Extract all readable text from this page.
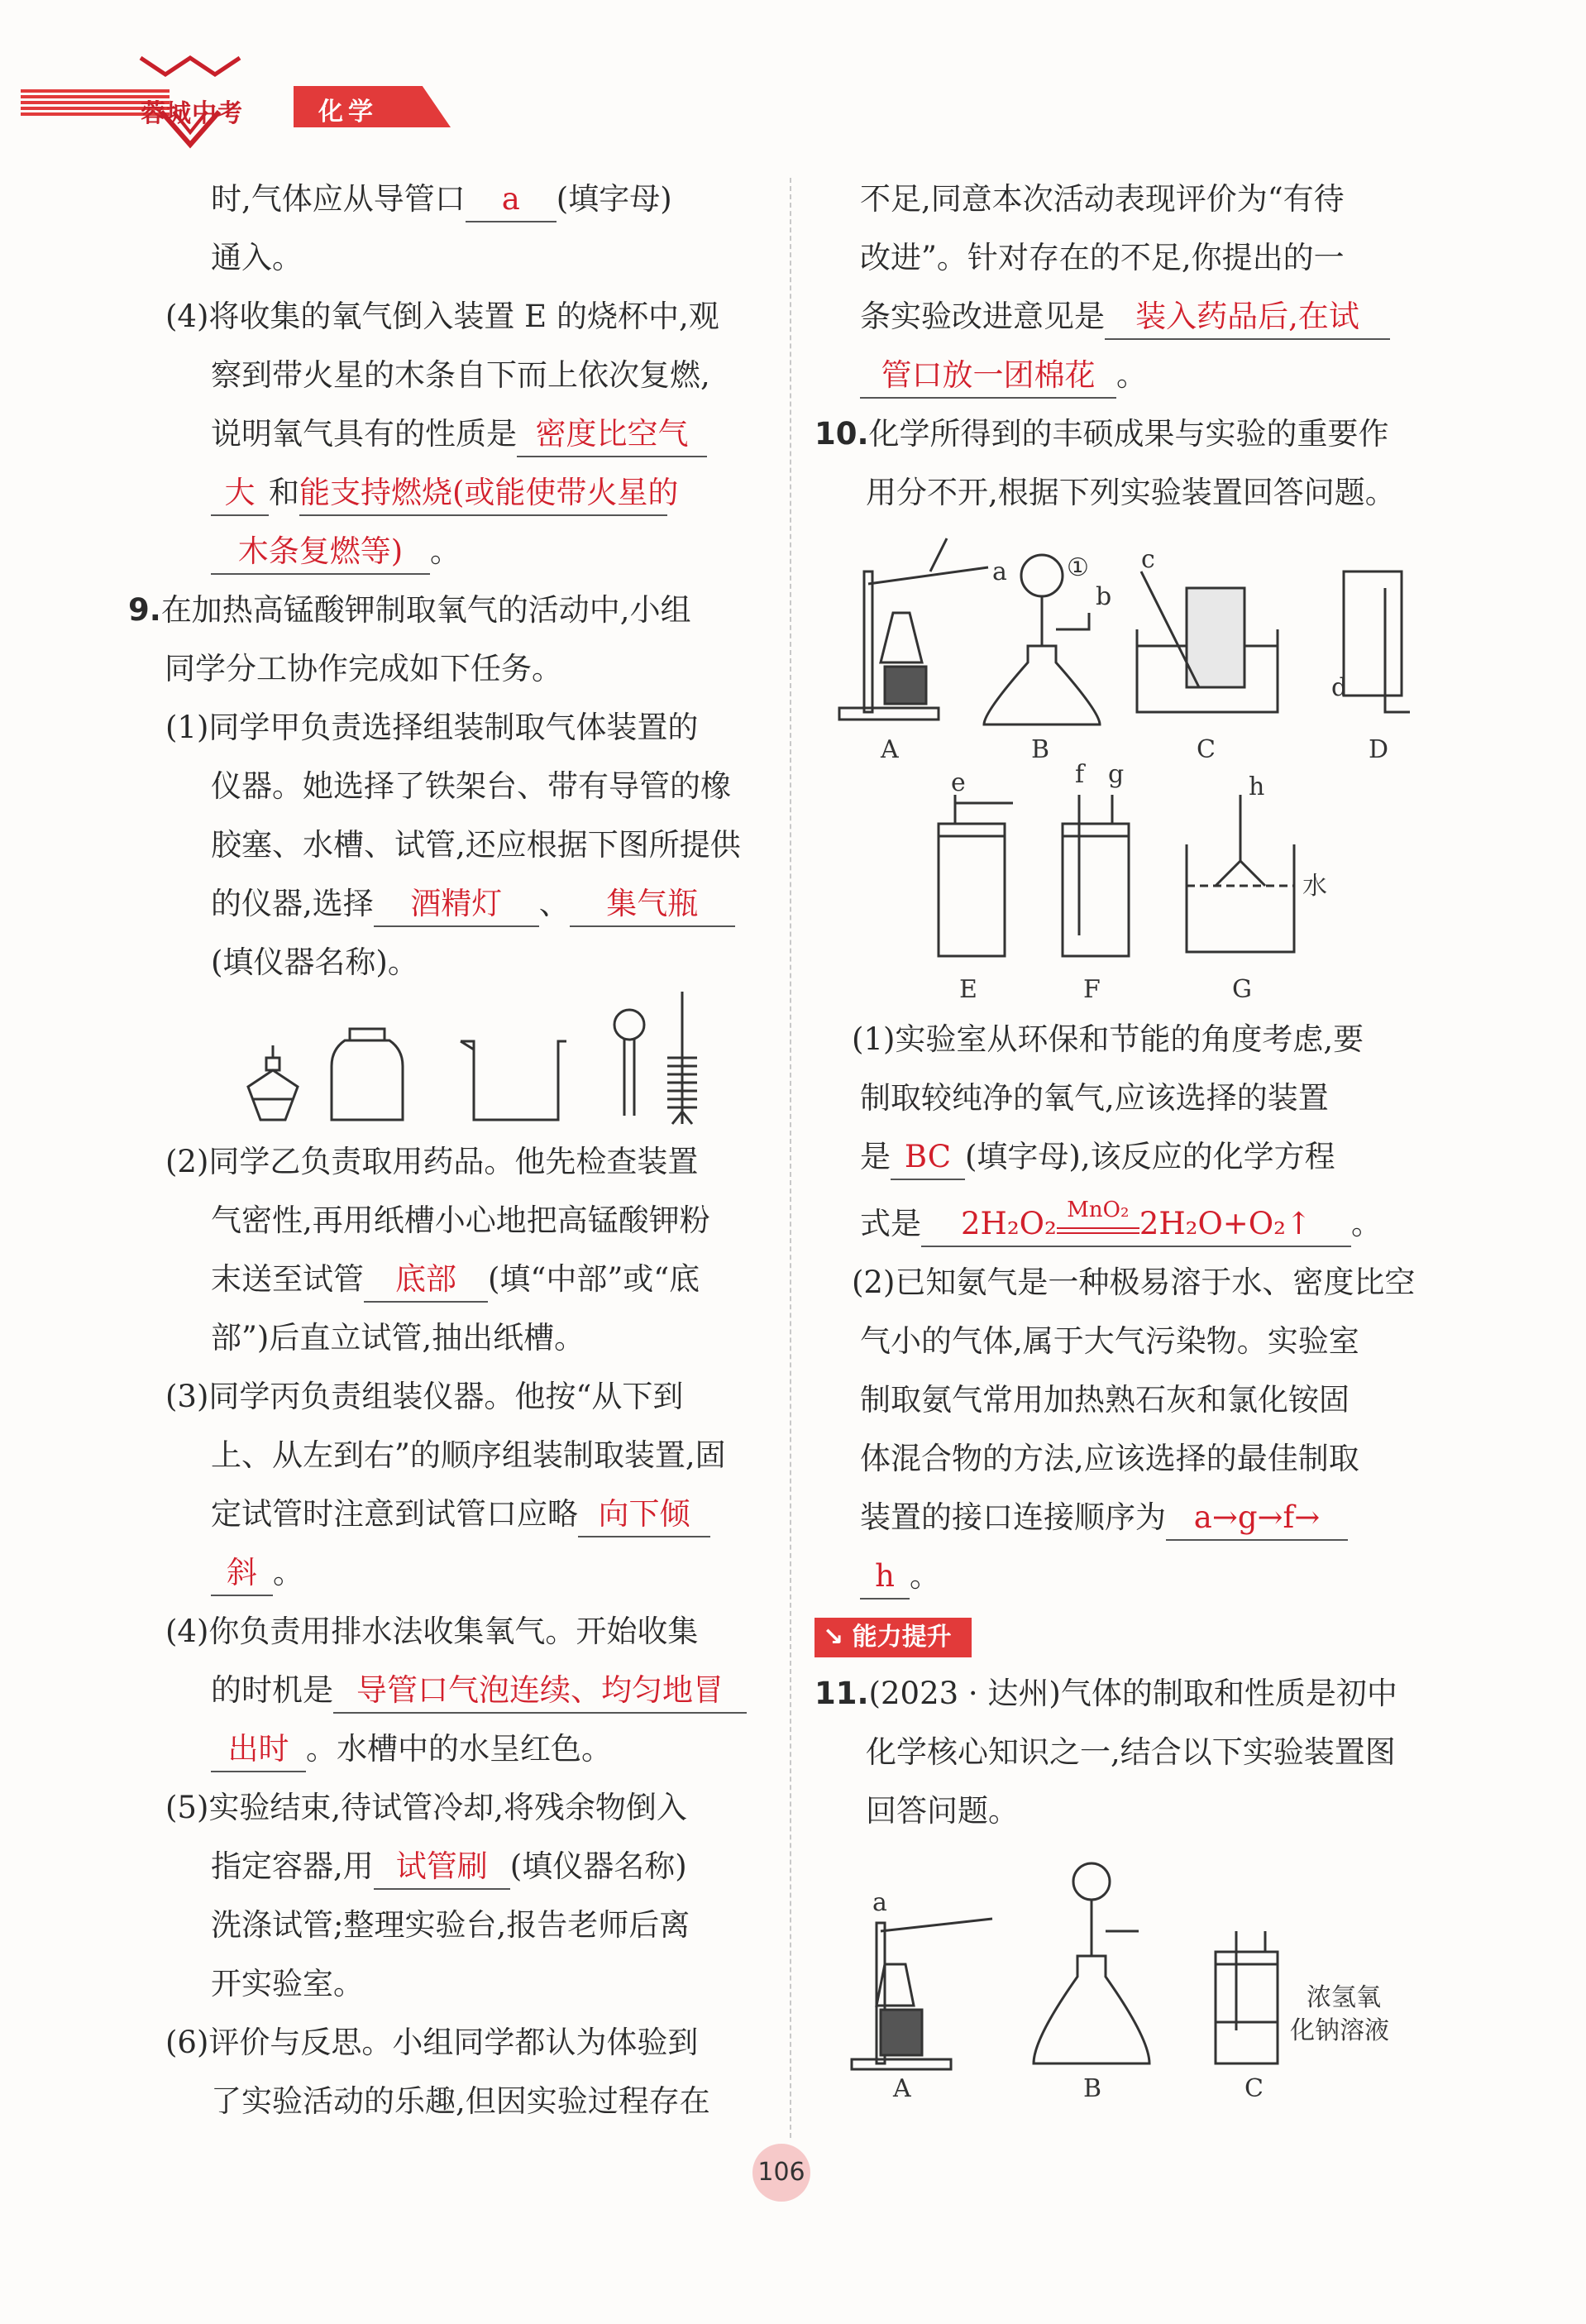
蓉城中考	化学

时,气体应从导管口 a (填字母)

通入。

(4)将收集的氧气倒入装置 E 的烧杯中,观

察到带火星的木条自下而上依次复燃,

说明氧气具有的性质是 密度比空气

大 和能支持燃烧(或能使带火星的

木条复燃等) 。

9.在加热高锰酸钾制取氧气的活动中,小组

同学分工协作完成如下任务。

(1)同学甲负责选择组装制取气体装置的

仪器。她选择了铁架台、带有导管的橡

胶塞、水槽、试管,还应根据下图所提供

的仪器,选择 酒精灯 、 集气瓶

(填仪器名称)。

(2)同学乙负责取用药品。他先检查装置

气密性,再用纸槽小心地把高锰酸钾粉

末送至试管 底部 (填“中部”或“底

部”)后直立试管,抽出纸槽。

(3)同学丙负责组装仪器。他按“从下到

上、从左到右”的顺序组装制取装置,固

定试管时注意到试管口应略 向下倾

斜 。

(4)你负责用排水法收集氧气。开始收集

的时机是 导管口气泡连续、均匀地冒

出时 。水槽中的水呈红色。

(5)实验结束,待试管冷却,将残余物倒入

指定容器,用 试管刷 (填仪器名称)

洗涤试管;整理实验台,报告老师后离

开实验室。

(6)评价与反思。小组同学都认为体验到

了实验活动的乐趣,但因实验过程存在

不足,同意本次活动表现评价为“有待

改进”。针对存在的不足,你提出的一

条实验改进意见是 装入药品后,在试

管口放一团棉花 。

10.化学所得到的丰硕成果与实验的重要作

用分不开,根据下列实验装置回答问题。

A	B	C	D
E	F	G
a
b
c
d
e	f g	h
①
水

(1)实验室从环保和节能的角度考虑,要

制取较纯净的氧气,应该选择的装置

是 BC (填字母),该反应的化学方程

式是 2H₂O₂ MnO₂ 2H₂O+O₂↑ 。

(2)已知氨气是一种极易溶于水、密度比空

气小的气体,属于大气污染物。实验室

制取氨气常用加热熟石灰和氯化铵固

体混合物的方法,应该选择的最佳制取

装置的接口连接顺序为 a→g→f→

h 。

↘ 能力提升

11.(2023 · 达州)气体的制取和性质是初中

化学核心知识之一,结合以下实验装置图

回答问题。

A	B	C
a
浓氢氧
化钠溶液
106
